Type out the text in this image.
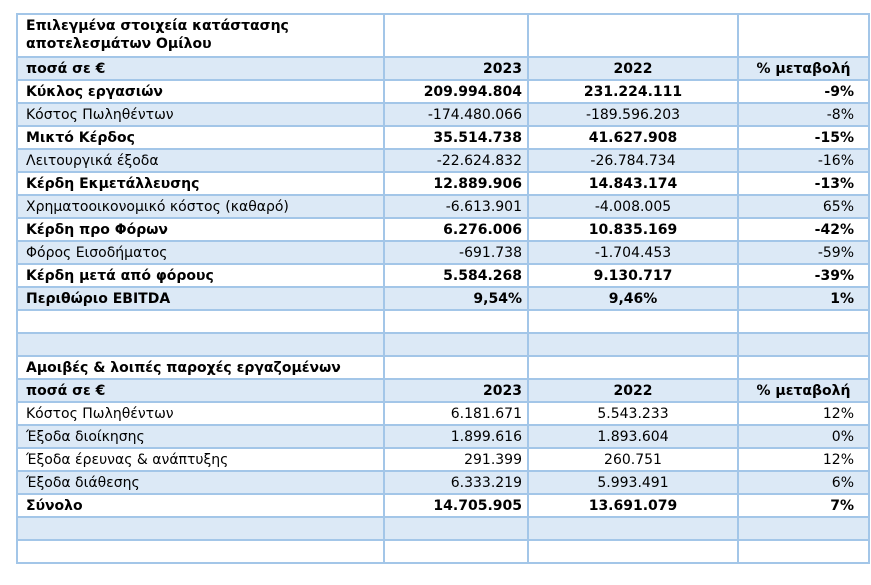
Επιλεγμένα στοιχεία κατάστασης αποτελεσμάτων Ομίλου			
ποσά σε €	2023	2022	% μεταβολή
Κύκλος εργασιών	209.994.804	231.224.111	-9%
Κόστος Πωληθέντων	-174.480.066	-189.596.203	-8%
Μικτό Κέρδος	35.514.738	41.627.908	-15%
Λειτουργικά έξοδα	-22.624.832	-26.784.734	-16%
Κέρδη Εκμετάλλευσης	12.889.906	14.843.174	-13%
Χρηματοοικονομικό κόστος (καθαρό)	-6.613.901	-4.008.005	65%
Κέρδη προ Φόρων	6.276.006	10.835.169	-42%
Φόρος Εισοδήματος	-691.738	-1.704.453	-59%
Κέρδη μετά από φόρους	5.584.268	9.130.717	-39%
Περιθώριο EBITDA	9,54%	9,46%	1%

Αμοιβές & λοιπές παροχές εργαζομένων			
ποσά σε €	2023	2022	% μεταβολή
Κόστος Πωληθέντων	6.181.671	5.543.233	12%
Έξοδα διοίκησης	1.899.616	1.893.604	0%
Έξοδα έρευνας & ανάπτυξης	291.399	260.751	12%
Έξοδα διάθεσης	6.333.219	5.993.491	6%
Σύνολο	14.705.905	13.691.079	7%
